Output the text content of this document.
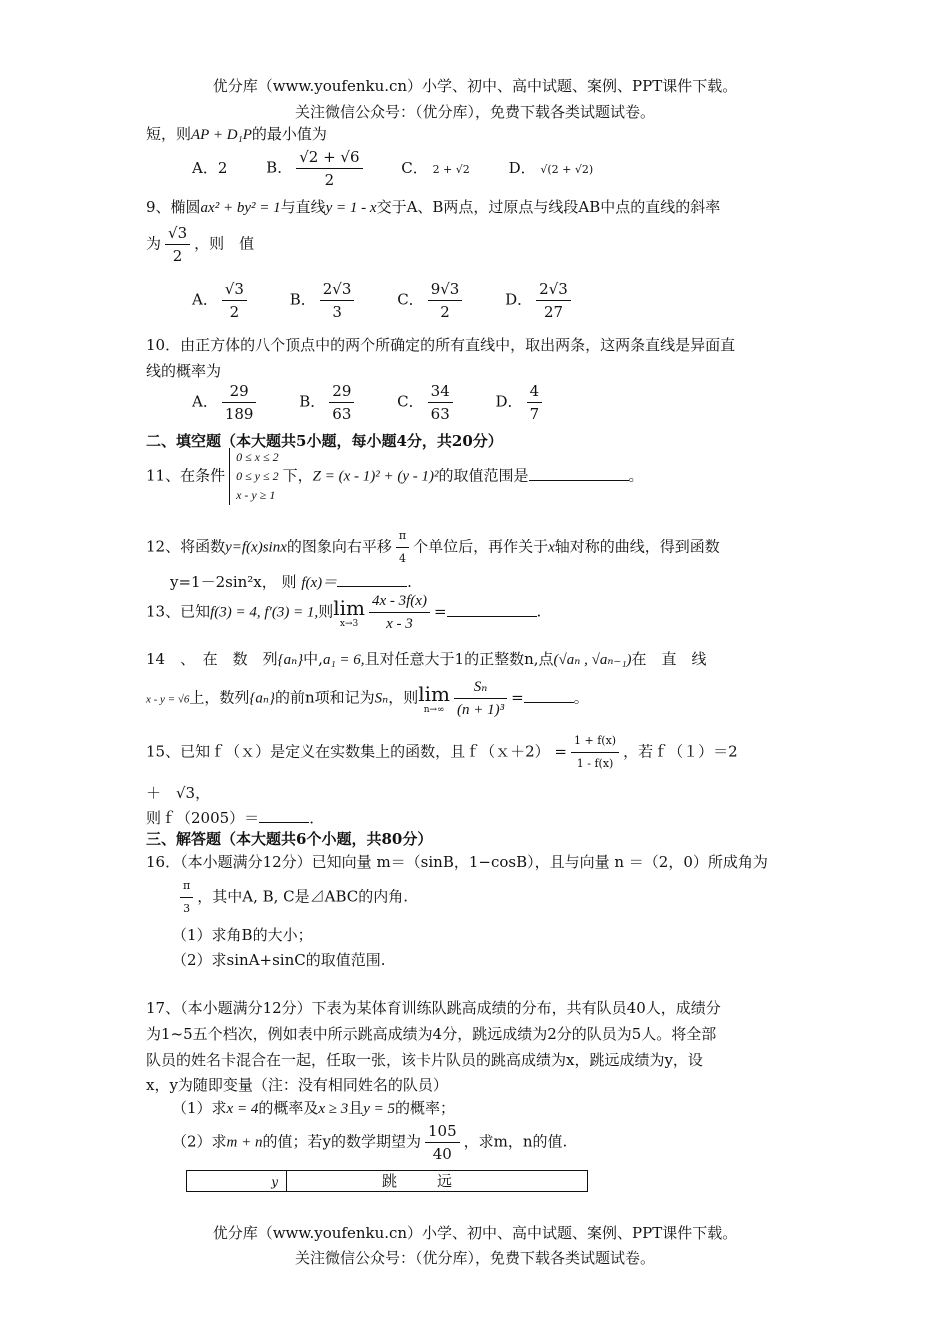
优分库（www.youfenku.cn）小学、初中、高中试题、案例、PPT课件下载。
关注微信公众号：（优分库），免费下载各类试题试卷。
短，则AP + D₁P的最小值为
A．2	B． $\frac{√2 + √6}{2}$	C． 2 + √2	D． √(2 + √2)
9、椭圆ax² + by² = 1与直线y = 1 - x交于A、B两点，过原点与线段AB中点的直线的斜率
为 $\frac{√3}{2}$ ，则　值
A． $\frac{√3}{2}$	B． $\frac{2√3}{3}$	C． $\frac{9√3}{2}$	D． $\frac{2√3}{27}$
10．由正方体的八个顶点中的两个所确定的所有直线中，取出两条，这两条直线是异面直
线的概率为
A． $\frac{29}{189}$	B． $\frac{29}{63}$	C． $\frac{34}{63}$	D． $\frac{4}{7}$
二、填空题（本大题共5小题，每小题4分，共20分）
11、在条件
0 ≤ x ≤ 2
0 ≤ y ≤ 2
x - y ≥ 1
下，Z = (x - 1)² + (y - 1)²的取值范围是	。
12、将函数y=f(x)sinx的图象向右平移 $\frac{\pi}{4}$ 个单位后，再作关于x轴对称的曲线，得到函数
y=1－2sin²x， 则 f(x)＝	.
13、已知f(3) = 4, f′(3) = 1,则 lim
$x\to 3 \frac{4x - 3f(x)}{x - 3}$ =	.
14　、　在　数　列{aₙ}中,a₁ = 6,且对任意大于1的正整数n,点(√aₙ , √aₙ₋₁)在　直　线
x - y = √6上，数列{aₙ}的前n项和记为Sₙ，则 lim
$n\to\infty \frac{\text{Sₙ}}{\text{(n + 1)³}}$ =	。
15、已知ｆ（ｘ）是定义在实数集上的函数，且ｆ（ｘ＋2） = $\frac{1 + f(x)}{1 - f(x)}$ ，若ｆ（１）＝2
＋　√3，
则ｆ（2005）＝	．
三、解答题（本大题共6个小题，共80分）
16．（本小题满分12分）已知向量 m＝（sinB，1−cosB），且与向量 n ＝（2，0）所成角为
$\frac{\pi}{3}$ ，其中A, B, C是⊿ABC的内角.
（1）求角B的大小；
（2）求sinA+sinC的取值范围.
17、（本小题满分12分）下表为某体育训练队跳高成绩的分布，共有队员40人，成绩分
为1~5五个档次，例如表中所示跳高成绩为4分，跳远成绩为2分的队员为5人。将全部
队员的姓名卡混合在一起，任取一张，该卡片队员的跳高成绩为x，跳远成绩为y，设
x，y为随即变量（注：没有相同姓名的队员）
（1）求x = 4的概率及x ≥ 3且y = 5的概率；
（2）求m + n的值；若y的数学期望为 $\frac{105}{40}$ ，求m，n的值.
y	跳远
优分库（www.youfenku.cn）小学、初中、高中试题、案例、PPT课件下载。
关注微信公众号：（优分库），免费下载各类试题试卷。
